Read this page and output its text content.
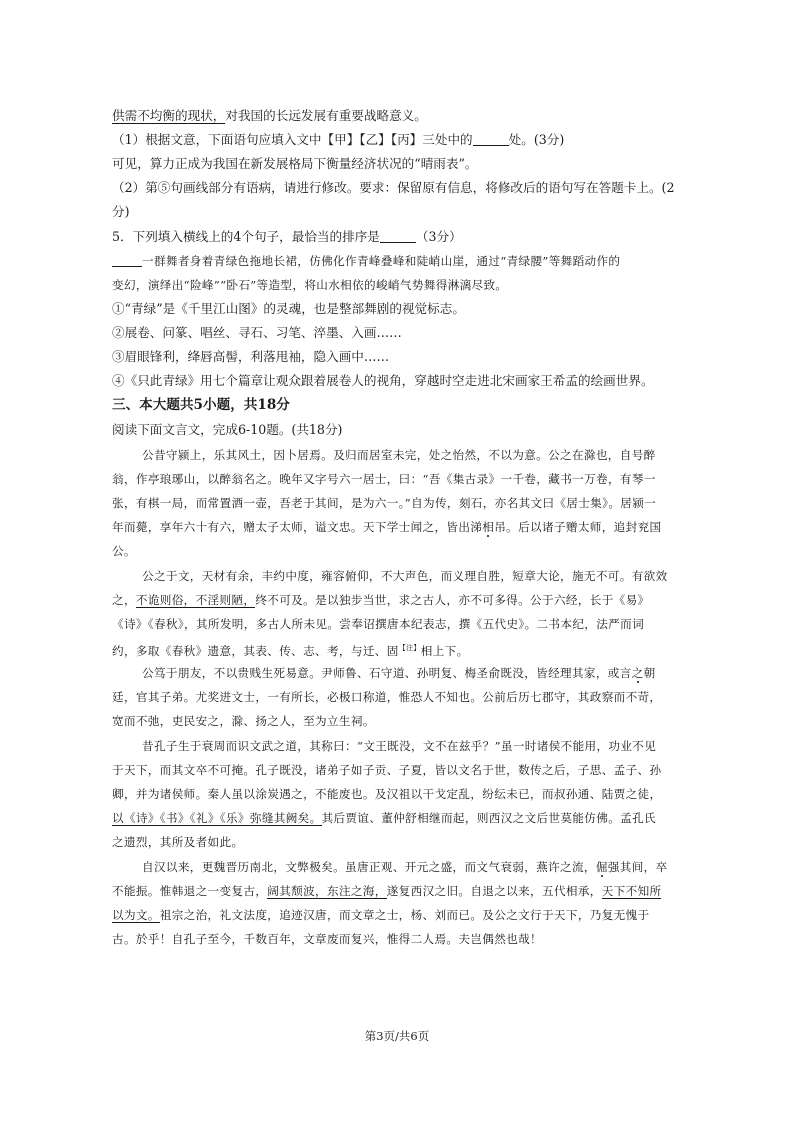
供需不均衡的现状，对我国的长远发展有重要战略意义。
（1）根据文意，下面语句应填入文中【甲】【乙】【丙】三处中的	处。(3分)
可见，算力正成为我国在新发展格局下衡量经济状况的“晴雨表”。
（2）第⑤句画线部分有语病，请进行修改。要求：保留原有信息，将修改后的语句写在答题卡上。(2
分)
5．下列填入横线上的4个句子，最恰当的排序是	（3分）
一群舞者身着青绿色拖地长裙，仿佛化作青峰叠峰和陡峭山崖，通过“青绿腰”等舞蹈动作的
变幻，演绎出“险峰”“卧石”等造型，将山水相依的峻峭气势舞得淋漓尽致。
①“青绿”是《千里江山图》的灵魂，也是整部舞剧的视觉标志。
②展卷、问篆、唱丝、寻石、习笔、淬墨、入画……
③眉眼锋利，绛唇高髻，利落甩袖，隐入画中……
④《只此青绿》用七个篇章让观众跟着展卷人的视角，穿越时空走进北宋画家王希孟的绘画世界。
三、本大题共5小题，共18分
阅读下面文言文，完成6-10题。(共18分)
公昔守颍上，乐其风土，因卜居焉。及归而居室未完，处之怡然，不以为意。公之在滁也，自号醉
翁，作亭琅琊山，以醉翁名之。晚年又字号六一居士，曰：“吾《集古录》一千卷，藏书一万卷，有琴一
张，有棋一局，而常置酒一壶，吾老于其间，是为六一。”自为传，刻石，亦名其文曰《居士集》。居颍一
年而薨，享年六十有六，赠太子太师，谥文忠。天下学士闻之，皆出涕相吊。后以诸子赠太师，追封兖国
公。
公之于文，天材有余，丰约中度，雍容俯仰，不大声色，而义理自胜，短章大论，施无不可。有欲效
之，不诡则俗，不淫则陋，终不可及。是以独步当世，求之古人，亦不可多得。公于六经，长于《易》
《诗》《春秋》，其所发明，多古人所未见。尝奉诏撰唐本纪表志，撰《五代史》。二书本纪，法严而词
约，多取《春秋》遗意，其表、传、志、考，与迁、固$^{【注】}$相上下。
公笃于朋友，不以贵贱生死易意。尹师鲁、石守道、孙明复、梅圣俞既没，皆经理其家，或言之朝
廷，官其子弟。尤奖进文士，一有所长，必极口称道，惟恐人不知也。公前后历七郡守，其政察而不苛，
宽而不弛，吏民安之，滁、扬之人，至为立生祠。
昔孔子生于衰周而识文武之道，其称曰：“文王既没，文不在兹乎？”虽一时诸侯不能用，功业不见
于天下，而其文卒不可掩。孔子既没，诸弟子如子贡、子夏，皆以文名于世，数传之后，子思、孟子、孙
卿，并为诸侯师。秦人虽以涂炭遇之，不能废也。及汉祖以干戈定乱，纷纭未已，而叔孙通、陆贾之徒，
以《诗》《书》《礼》《乐》弥缝其阙矣。其后贾谊、董仲舒相继而起，则西汉之文后世莫能仿佛。孟孔氏
之遗烈，其所及者如此。
自汉以来，更魏晋历南北，文弊极矣。虽唐正观、开元之盛，而文气衰弱，燕许之流，倔强其间，卒
不能振。惟韩退之一变复古，阔其颓波，东注之海，遂复西汉之旧。自退之以来，五代相承，天下不知所
以为文。祖宗之治，礼文法度，追迹汉唐，而文章之士，杨、刘而已。及公之文行于天下，乃复无愧于
古。於乎！自孔子至今，千数百年，文章废而复兴，惟得二人焉。夫岂偶然也哉！
第3页/共6页
